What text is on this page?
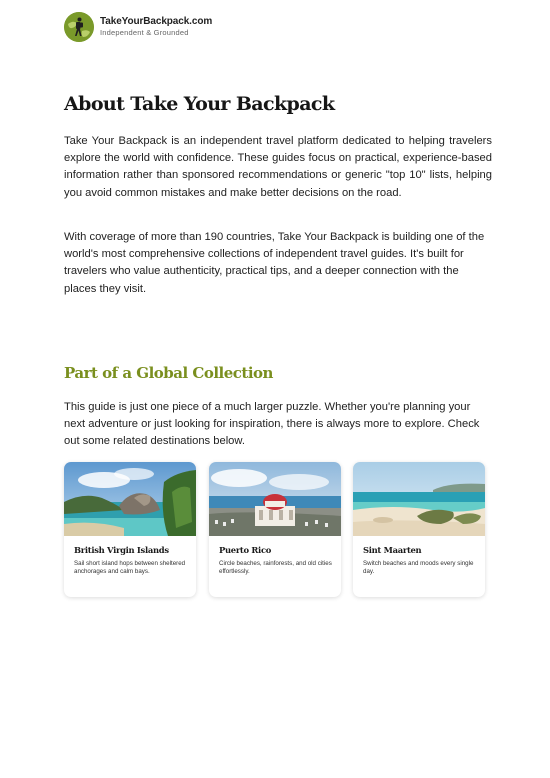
TakeYourBackpack.com
Independent & Grounded
About Take Your Backpack

Take Your Backpack is an independent travel platform dedicated to helping travelers explore the world with confidence. These guides focus on practical, experience-based information rather than sponsored recommendations or generic "top 10" lists, helping you avoid common mistakes and make better decisions on the road.

With coverage of more than 190 countries, Take Your Backpack is building one of the world's most comprehensive collections of independent travel guides. It's built for travelers who value authenticity, practical tips, and a deeper connection with the places they visit.

Part of a Global Collection

This guide is just one piece of a much larger puzzle. Whether you're planning your next adventure or just looking for inspiration, there is always more to explore. Check out some related destinations below.

British Virgin Islands
Sail short island hops between sheltered anchorages and calm bays.
Puerto Rico
Circle beaches, rainforests, and old cities effortlessly.
Sint Maarten
Switch beaches and moods every single day.
